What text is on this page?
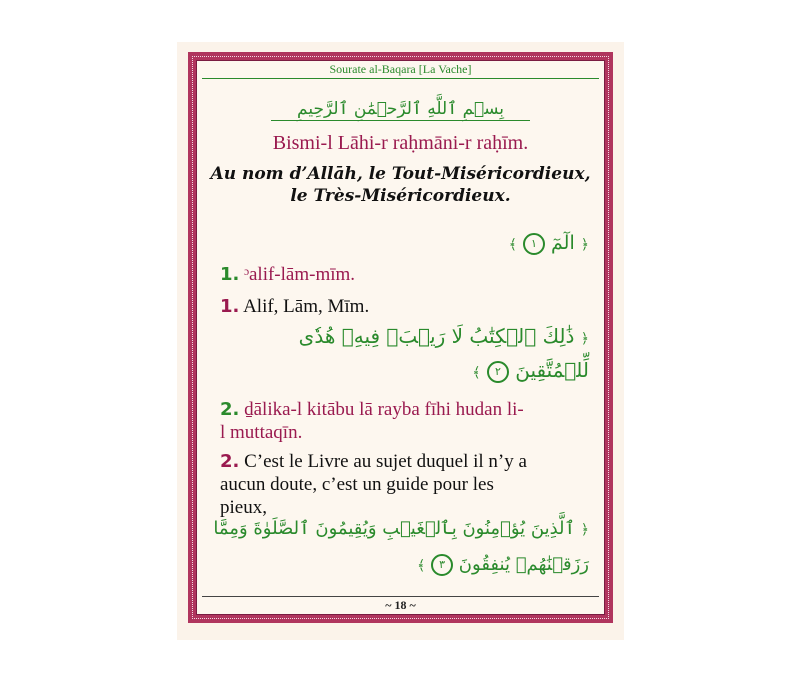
Sourate al-Baqara [La Vache]
بِسۡمِ ٱللَّهِ ٱلرَّحۡمَٰنِ ٱلرَّحِيمِ
Bismi-l Lāhi-r raḥmāni-r raḥīm.
Au nom d’Allāh, le Tout-Miséricordieux,
le Très-Miséricordieux.
﴿ الٓمٓ ١ ﴾
1. ᵓalif-lām-mīm.
1. Alif, Lām, Mīm.
﴿ ذَٰلِكَ ٱلۡكِتَٰبُ لَا رَيۡبَۛ فِيهِۛ هُدٗى
لِّلۡمُتَّقِينَ ٢ ﴾
2. ḏālika-l kitābu lā rayba fīhi hudan li-
l muttaqīn.
2. C’est le Livre au sujet duquel il n’y a
aucun doute, c’est un guide pour les
pieux,
﴿ ٱلَّذِينَ يُؤۡمِنُونَ بِٱلۡغَيۡبِ وَيُقِيمُونَ ٱلصَّلَوٰةَ وَمِمَّا
رَزَقۡنَٰهُمۡ يُنفِقُونَ ٣ ﴾
~ 18 ~
